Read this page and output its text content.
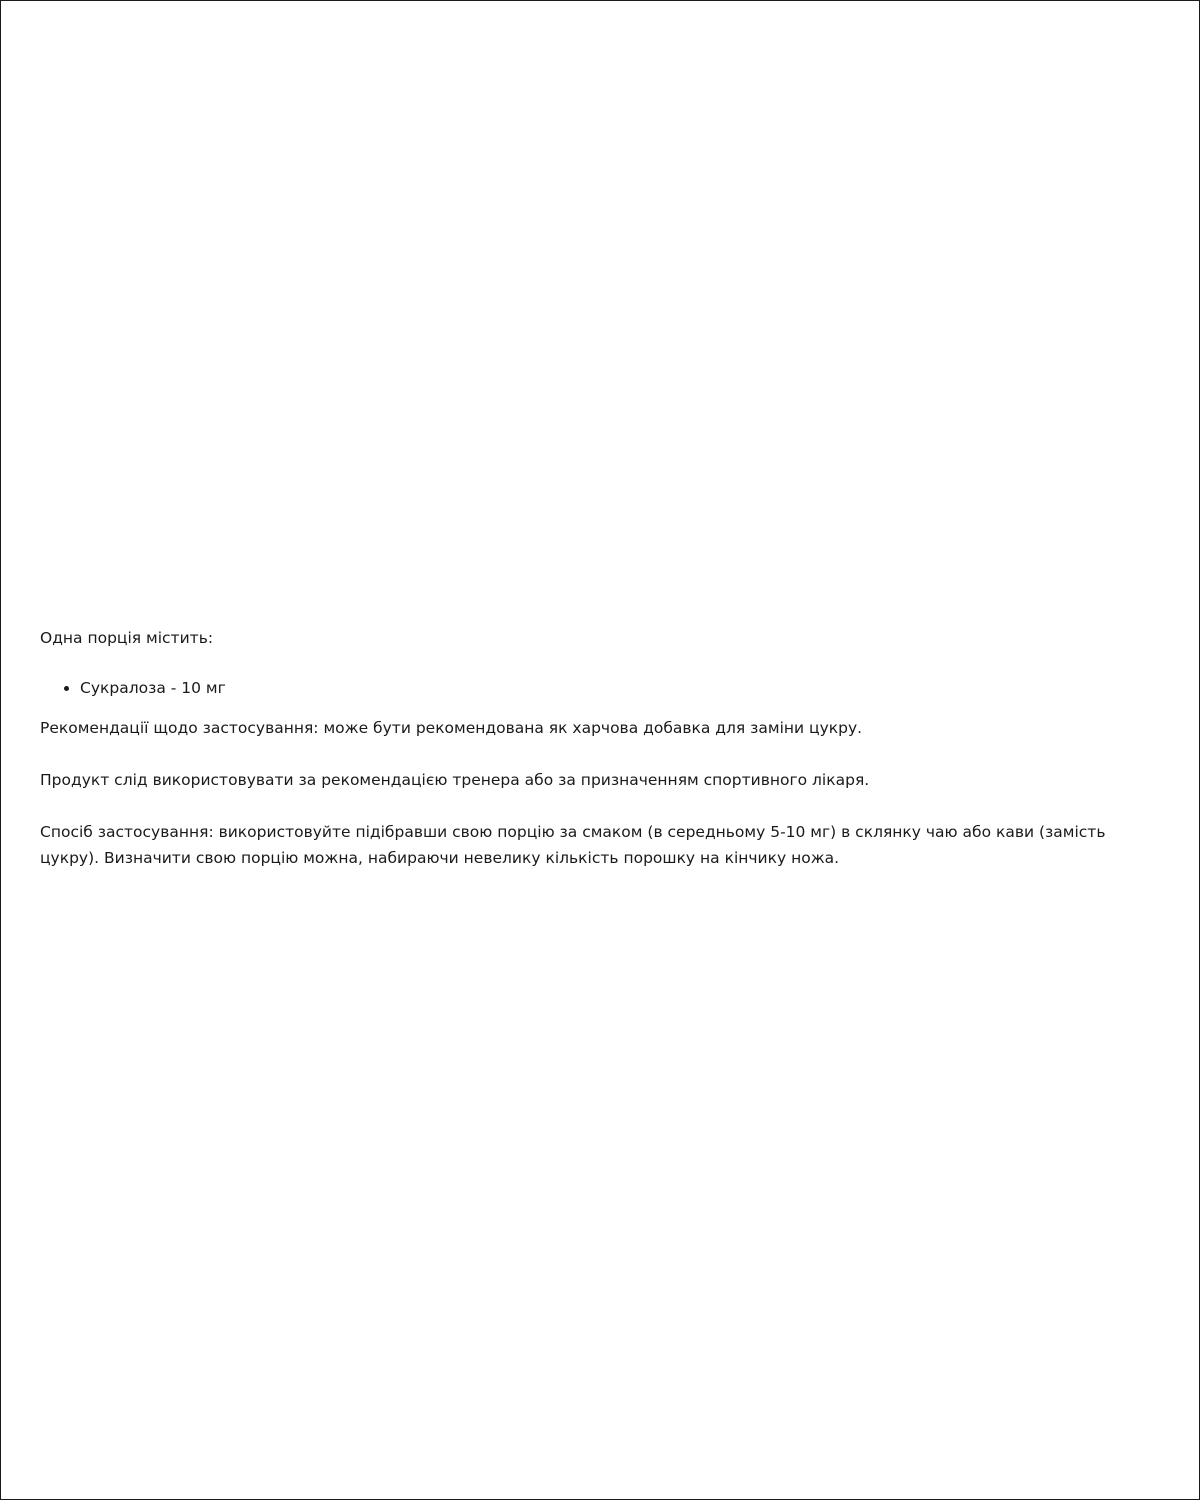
Одна порція містить:

• Сукралоза - 10 мг

Рекомендації щодо застосування: може бути рекомендована як харчова добавка для заміни цукру.

Продукт слід використовувати за рекомендацією тренера або за призначенням спортивного лікаря.

Спосіб застосування: використовуйте підібравши свою порцію за смаком (в середньому 5-10 мг) в склянку чаю або кави (замість цукру). Визначити свою порцію можна, набираючи невелику кількість порошку на кінчику ножа.
